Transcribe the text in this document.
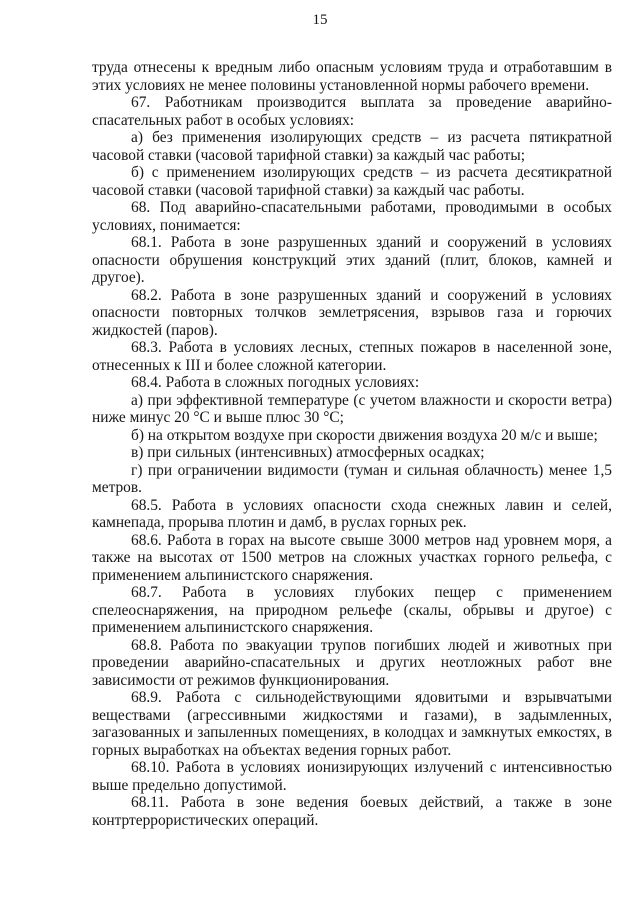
15

труда отнесены к вредным либо опасным условиям труда и отработавшим в этих условиях не менее половины установленной нормы рабочего времени.

67. Работникам производится выплата за проведение аварийно-спасательных работ в особых условиях:

а) без применения изолирующих средств – из расчета пятикратной часовой ставки (часовой тарифной ставки) за каждый час работы;

б) с применением изолирующих средств – из расчета десятикратной часовой ставки (часовой тарифной ставки) за каждый час работы.

68. Под аварийно-спасательными работами, проводимыми в особых условиях, понимается:

68.1. Работа в зоне разрушенных зданий и сооружений в условиях опасности обрушения конструкций этих зданий (плит, блоков, камней и другое).

68.2. Работа в зоне разрушенных зданий и сооружений в условиях опасности повторных толчков землетрясения, взрывов газа и горючих жидкостей (паров).

68.3. Работа в условиях лесных, степных пожаров в населенной зоне, отнесенных к III и более сложной категории.

68.4. Работа в сложных погодных условиях:

а) при эффективной температуре (с учетом влажности и скорости ветра) ниже минус 20 °C и выше плюс 30 °C;

б) на открытом воздухе при скорости движения воздуха 20 м/с и выше;

в) при сильных (интенсивных) атмосферных осадках;

г) при ограничении видимости (туман и сильная облачность) менее 1,5 метров.

68.5. Работа в условиях опасности схода снежных лавин и селей, камнепада, прорыва плотин и дамб, в руслах горных рек.

68.6. Работа в горах на высоте свыше 3000 метров над уровнем моря, а также на высотах от 1500 метров на сложных участках горного рельефа, с применением альпинистского снаряжения.

68.7. Работа в условиях глубоких пещер с применением спелеоснаряжения, на природном рельефе (скалы, обрывы и другое) с применением альпинистского снаряжения.

68.8. Работа по эвакуации трупов погибших людей и животных при проведении аварийно-спасательных и других неотложных работ вне зависимости от режимов функционирования.

68.9. Работа с сильнодействующими ядовитыми и взрывчатыми веществами (агрессивными жидкостями и газами), в задымленных, загазованных и запыленных помещениях, в колодцах и замкнутых емкостях, в горных выработках на объектах ведения горных работ.

68.10. Работа в условиях ионизирующих излучений с интенсивностью выше предельно допустимой.

68.11. Работа в зоне ведения боевых действий, а также в зоне контртеррористических операций.
